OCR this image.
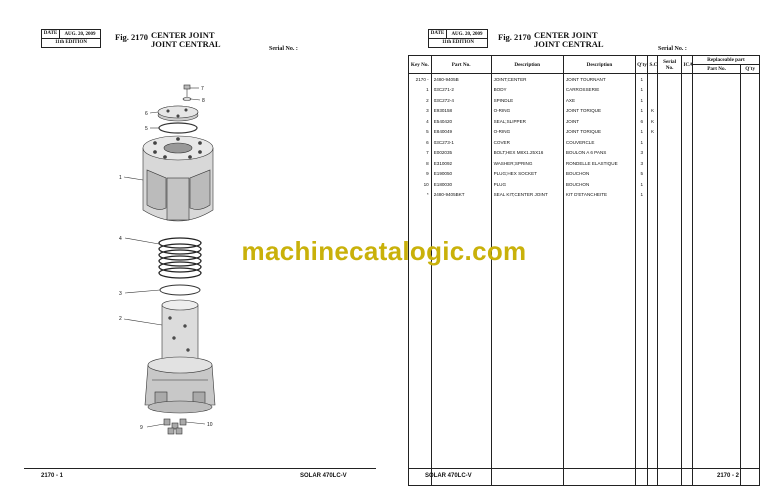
DATE	AUG. 20, 2009
11th EDITION
Fig. 2170 CENTER JOINT
JOINT CENTRAL	Serial No. :
7
8
6
5
1
4
3
2
9	10
2170 - 1	SOLAR 470LC-V
DATE	AUG. 20, 2009
11th EDITION
Fig. 2170 CENTER JOINT
JOINT CENTRAL	Serial No. :
Key No.	Part No.	Description	Description	Q'ty	S.C	Serial No.	ICA	Replaceable part	
								Part No.	Q'ty
2170 -	2480-9405B	JOINT;CENTER	JOINT TOURNANT	1					
1	03C271-2	BODY	CARROSSERIE	1					
2	03C272-4	SPINDLE	AXE	1					
3	E930158	O-RING	JOINT TORIQUE	1	K				
4	E540420	SEAL;SLIPPER	JOINT	6	K				
5	E840049	O-RING	JOINT TORIQUE	1	K				
6	03C273-1	COVER	COUVERCLE	1					
7	E002035	BOLT;HEX M8X1.25X16	BOULON A 6 PANS	3					
8	E310092	WASHER;SPRING	RONDELLE ELASTIQUE	3					
9	E190050	PLUG;HEX SOCKET	BOUCHON	5					
10	E180030	PLUG	BOUCHON	1					
*	2480-9405BKT	SEAL KIT;CENTER JOINT	KIT D'ETANCHEITE	1					

SOLAR 470LC-V	2170 - 2
machinecatalogic.com
